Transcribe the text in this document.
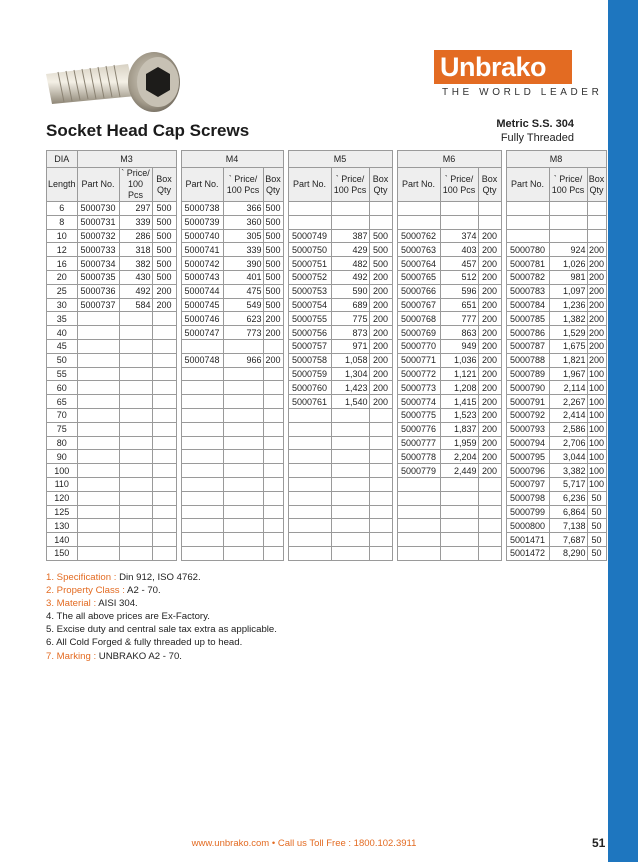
Unbrako
THE WORLD LEADER
Socket Head Cap Screws	Metric S.S. 304
Fully Threaded
DIA	M3				M4				M5				M6				M8		
Length	Part No.	` Price/ 100 Pcs	Box Qty		Part No.	` Price/ 100 Pcs	Box Qty		Part No.	` Price/ 100 Pcs	Box Qty		Part No.	` Price/ 100 Pcs	Box Qty		Part No.	` Price/ 100 Pcs	Box Qty
6	5000730	297	500		5000738	366	500												
8	5000731	339	500		5000739	360	500												
10	5000732	286	500		5000740	305	500		5000749	387	500		5000762	374	200				
12	5000733	318	500		5000741	339	500		5000750	429	500		5000763	403	200		5000780	924	200
16	5000734	382	500		5000742	390	500		5000751	482	500		5000764	457	200		5000781	1,026	200
20	5000735	430	500		5000743	401	500		5000752	492	200		5000765	512	200		5000782	981	200
25	5000736	492	200		5000744	475	500		5000753	590	200		5000766	596	200		5000783	1,097	200
30	5000737	584	200		5000745	549	500		5000754	689	200		5000767	651	200		5000784	1,236	200
35					5000746	623	200		5000755	775	200		5000768	777	200		5000785	1,382	200
40					5000747	773	200		5000756	873	200		5000769	863	200		5000786	1,529	200
45									5000757	971	200		5000770	949	200		5000787	1,675	200
50					5000748	966	200		5000758	1,058	200		5000771	1,036	200		5000788	1,821	200
55									5000759	1,304	200		5000772	1,121	200		5000789	1,967	100
60									5000760	1,423	200		5000773	1,208	200		5000790	2,114	100
65									5000761	1,540	200		5000774	1,415	200		5000791	2,267	100
70													5000775	1,523	200		5000792	2,414	100
75													5000776	1,837	200		5000793	2,586	100
80													5000777	1,959	200		5000794	2,706	100
90													5000778	2,204	200		5000795	3,044	100
100													5000779	2,449	200		5000796	3,382	100
110																	5000797	5,717	100
120																	5000798	6,236	50
125																	5000799	6,864	50
130																	5000800	7,138	50
140																	5001471	7,687	50
150																	5001472	8,290	50
1. Specification : Din 912, ISO 4762.
2. Property Class : A2 - 70.
3. Material : AISI 304.
4. The all above prices are Ex-Factory.
5. Excise duty and central sale tax extra as applicable.
6. All Cold Forged & fully threaded up to head.
7. Marking : UNBRAKO A2 - 70.
www.unbrako.com • Call us Toll Free : 1800.102.3911	51
